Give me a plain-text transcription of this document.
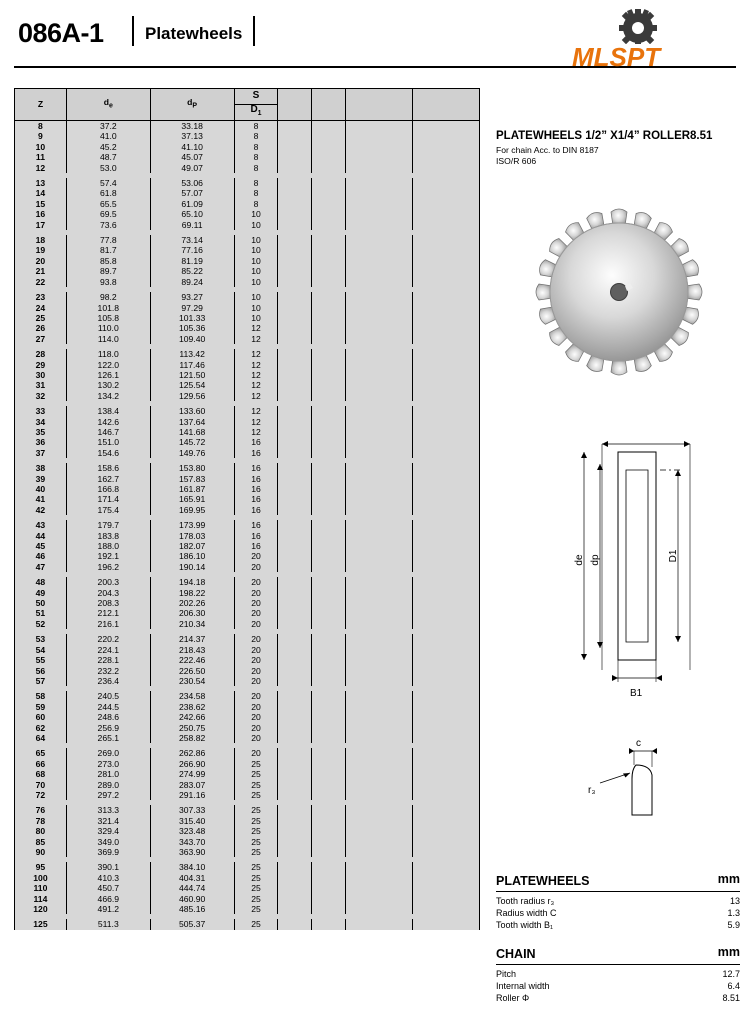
086A-1 Platewheels
MLSPT
Z	$d_e$	$d_P$	S				
			$D_1$
8	37.2	33.18	8				
9	41.0	37.13	8				
10	45.2	41.10	8				
11	48.7	45.07	8				
12	53.0	49.07	8				

13	57.4	53.06	8				
14	61.8	57.07	8				
15	65.5	61.09	8				
16	69.5	65.10	10				
17	73.6	69.11	10				

18	77.8	73.14	10				
19	81.7	77.16	10				
20	85.8	81.19	10				
21	89.7	85.22	10				
22	93.8	89.24	10				

23	98.2	93.27	10				
24	101.8	97.29	10				
25	105.8	101.33	10				
26	110.0	105.36	12				
27	114.0	109.40	12				

28	118.0	113.42	12				
29	122.0	117.46	12				
30	126.1	121.50	12				
31	130.2	125.54	12				
32	134.2	129.56	12				

33	138.4	133.60	12				
34	142.6	137.64	12				
35	146.7	141.68	12				
36	151.0	145.72	16				
37	154.6	149.76	16				

38	158.6	153.80	16				
39	162.7	157.83	16				
40	166.8	161.87	16				
41	171.4	165.91	16				
42	175.4	169.95	16				

43	179.7	173.99	16				
44	183.8	178.03	16				
45	188.0	182.07	16				
46	192.1	186.10	20				
47	196.2	190.14	20				

48	200.3	194.18	20				
49	204.3	198.22	20				
50	208.3	202.26	20				
51	212.1	206.30	20				
52	216.1	210.34	20				

53	220.2	214.37	20				
54	224.1	218.43	20				
55	228.1	222.46	20				
56	232.2	226.50	20				
57	236.4	230.54	20				

58	240.5	234.58	20				
59	244.5	238.62	20				
60	248.6	242.66	20				
62	256.9	250.75	20				
64	265.1	258.82	20				

65	269.0	262.86	20				
66	273.0	266.90	25				
68	281.0	274.99	25				
70	289.0	283.07	25				
72	297.2	291.16	25				

76	313.3	307.33	25				
78	321.4	315.40	25				
80	329.4	323.48	25				
85	349.0	343.70	25				
90	369.9	363.90	25				

95	390.1	384.10	25				
100	410.3	404.31	25				
110	450.7	444.74	25				
114	466.9	460.90	25				
120	491.2	485.16	25				

125	511.3	505.37	25				

PLATEWHEELS 1/2” X1/4” ROLLER8.51

For chain Acc. to DIN 8187
ISO/R 606
de dp	D1
B1
c
r₃
PLATEWHEELS	mm
Tooth radius r₃	13
Radius width C	1.3
Tooth width B₁	5.9
CHAIN	mm
Pitch	12.7
Internal width	6.4
Roller Φ	8.51
